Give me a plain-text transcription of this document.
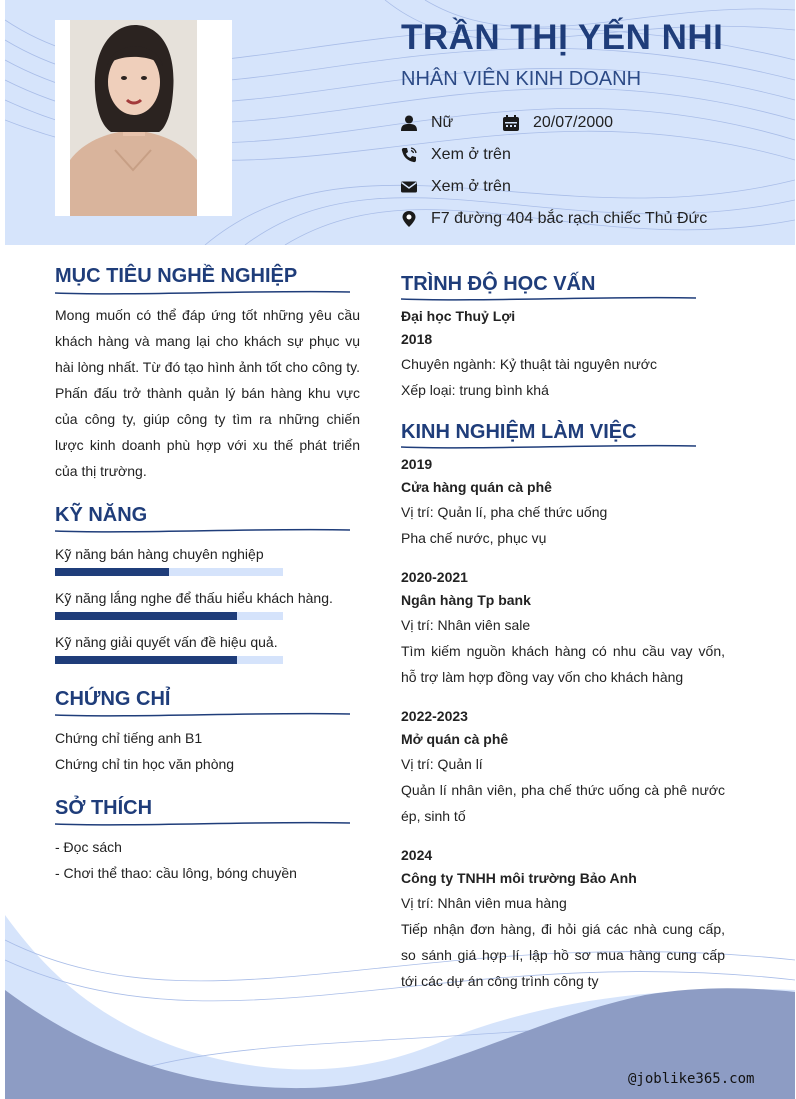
TRẦN THỊ YẾN NHI
NHÂN VIÊN KINH DOANH
Nữ	20/07/2000
Xem ở trên
Xem ở trên
F7 đường 404 bắc rạch chiếc Thủ Đức
MỤC TIÊU NGHỀ NGHIỆP
Mong muốn có thể đáp ứng tốt những yêu cầu khách hàng và mang lại cho khách sự phục vụ hài lòng nhất. Từ đó tạo hình ảnh tốt cho công ty. Phấn đấu trở thành quản lý bán hàng khu vực của công ty, giúp công ty tìm ra những chiến lược kinh doanh phù hợp với xu thế phát triển của thị trường.
KỸ NĂNG
Kỹ năng bán hàng chuyên nghiệp
Kỹ năng lắng nghe để thấu hiểu khách hàng.
Kỹ năng giải quyết vấn đề hiệu quả.
CHỨNG CHỈ
Chứng chỉ tiếng anh B1
Chứng chỉ tin học văn phòng
SỞ THÍCH
- Đọc sách
- Chơi thể thao: cầu lông, bóng chuyền
TRÌNH ĐỘ HỌC VẤN
Đại học Thuỷ Lợi
2018
Chuyên ngành: Kỷ thuật tài nguyên nước
Xếp loại: trung bình khá
KINH NGHIỆM LÀM VIỆC
2019
Cửa hàng quán cà phê
Vị trí: Quản lí, pha chế thức uống
Pha chế nước, phục vụ
2020-2021
Ngân hàng Tp bank
Vị trí: Nhân viên sale
Tìm kiếm nguồn khách hàng có nhu cầu vay vốn, hỗ trợ làm hợp đồng vay vốn cho khách hàng
2022-2023
Mở quán cà phê
Vị trí: Quản lí
Quản lí nhân viên, pha chế thức uống cà phê nước ép, sinh tố
2024
Công ty TNHH môi trường Bảo Anh
Vị trí: Nhân viên mua hàng
Tiếp nhận đơn hàng, đi hỏi giá các nhà cung cấp, so sánh giá hợp lí, lập hồ sơ mua hàng cung cấp tới các dự án công trình công ty
@joblike365.com
